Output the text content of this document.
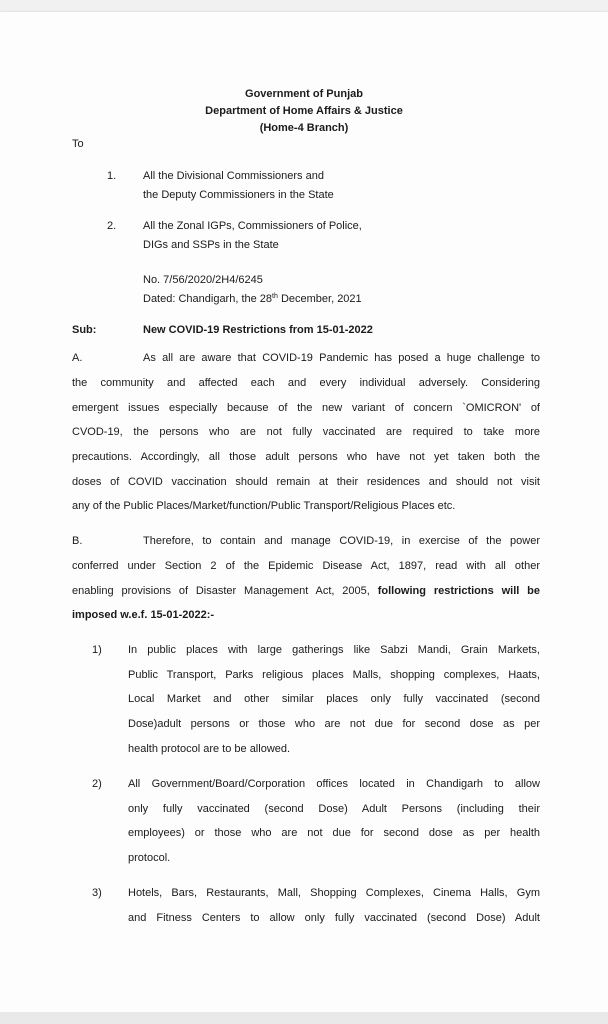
Government of Punjab
Department of Home Affairs & Justice
(Home-4 Branch)
To
1. All the Divisional Commissioners and
the Deputy Commissioners in the State
2. All the Zonal IGPs, Commissioners of Police,
DIGs and SSPs in the State
No. 7/56/2020/2H4/6245
Dated: Chandigarh, the 28th December, 2021
Sub:	New COVID-19 Restrictions from 15-01-2022
A.	As all are aware that COVID-19 Pandemic has posed a huge challenge to
the community and affected each and every individual adversely. Considering
emergent issues especially because of the new variant of concern `OMICRON' of
CVOD-19, the persons who are not fully vaccinated are required to take more
precautions. Accordingly, all those adult persons who have not yet taken both the
doses of COVID vaccination should remain at their residences and should not visit
any of the Public Places/Market/function/Public Transport/Religious Places etc.
B.	Therefore, to contain and manage COVID-19, in exercise of the power
conferred under Section 2 of the Epidemic Disease Act, 1897, read with all other
enabling provisions of Disaster Management Act, 2005, following restrictions will be
imposed w.e.f. 15-01-2022:-
1) In public places with large gatherings like Sabzi Mandi, Grain Markets,
Public Transport, Parks religious places Malls, shopping complexes, Haats,
Local Market and other similar places only fully vaccinated (second
Dose)adult persons or those who are not due for second dose as per
health protocol are to be allowed.
2) All Government/Board/Corporation offices located in Chandigarh to allow
only fully vaccinated (second Dose) Adult Persons (including their
employees) or those who are not due for second dose as per health
protocol.
3) Hotels, Bars, Restaurants, Mall, Shopping Complexes, Cinema Halls, Gym
and Fitness Centers to allow only fully vaccinated (second Dose) Adult
